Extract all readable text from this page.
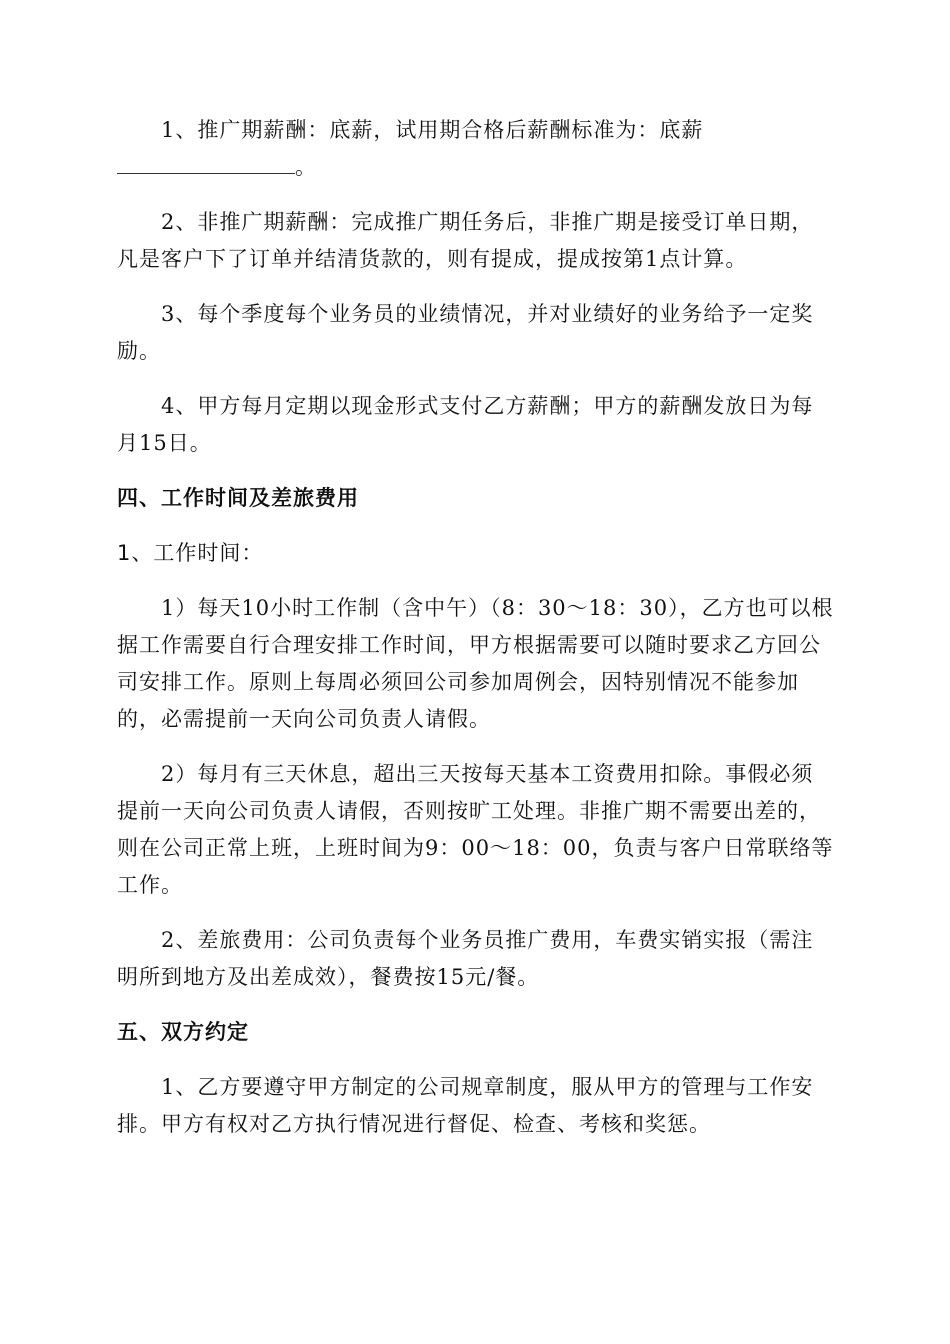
1、推广期薪酬：底薪，试用期合格后薪酬标准为：底薪

。

2、非推广期薪酬：完成推广期任务后，非推广期是接受订单日期，凡是客户下了订单并结清货款的，则有提成，提成按第1点计算。

3、每个季度每个业务员的业绩情况，并对业绩好的业务给予一定奖励。

4、甲方每月定期以现金形式支付乙方薪酬；甲方的薪酬发放日为每月15日。

四、工作时间及差旅费用

1、工作时间：

1）每天10小时工作制（含中午）（8：30～18：30），乙方也可以根据工作需要自行合理安排工作时间，甲方根据需要可以随时要求乙方回公司安排工作。原则上每周必须回公司参加周例会，因特别情况不能参加的，必需提前一天向公司负责人请假。

2）每月有三天休息，超出三天按每天基本工资费用扣除。事假必须提前一天向公司负责人请假，否则按旷工处理。非推广期不需要出差的，则在公司正常上班，上班时间为9：00～18：00，负责与客户日常联络等工作。

2、差旅费用：公司负责每个业务员推广费用，车费实销实报（需注明所到地方及出差成效），餐费按15元/餐。

五、双方约定

1、乙方要遵守甲方制定的公司规章制度，服从甲方的管理与工作安排。甲方有权对乙方执行情况进行督促、检查、考核和奖惩。
